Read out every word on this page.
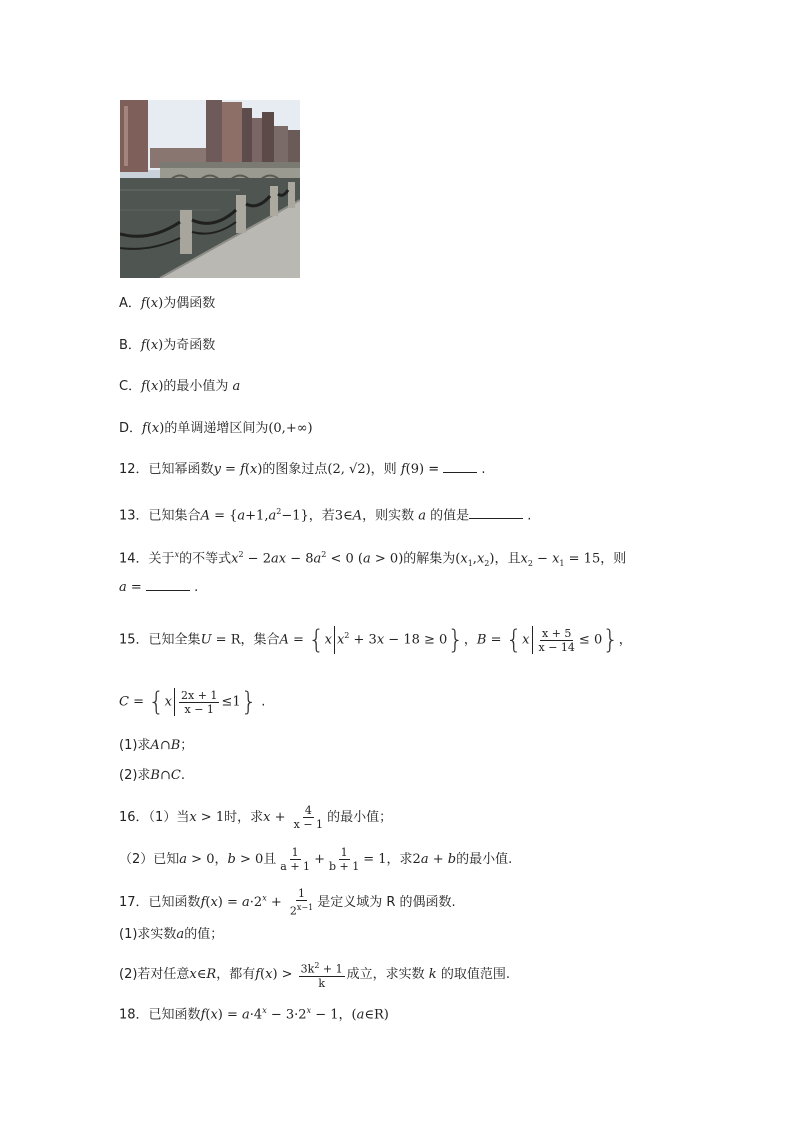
A．f(x)为偶函数
B．f(x)为奇函数
C．f(x)的最小值为 a
D．f(x)的单调递增区间为(0,+∞)
12．已知幂函数y = f(x)的图象过点(2, √2)，则 f(9) =	.
13．已知集合$A = \{a+1,a^2-1\}$，若3∈A，则实数 a 的值是	.
14．关于$^x$的不等式$x^2 - 2ax - 8a^2 < 0$ (a > 0)的解集为$(x_1,x_2)$，且$x_2 - x_1 = 15$，则
a =	.
15．已知全集U = R，集合A = {x $x^2 + 3x - 18 \ge 0$}，$B = \{x \frac{x + 5}{x - 14} \le 0\}$，
$C = \{x \frac{2x + 1}{x - 1} \le 1\}$ .
(1)求A∩B；
(2)求B∩C.
16．（1）当x > 1时，求$x + \frac{4}{x - 1}$ 的最小值；
（2）已知a > 0，b > 0且 $\frac{1}{a + 1} + \frac{1}{b + 1} = 1$，求2a + b的最小值.
17．已知函数$f(x) = a\cdot 2^x + \frac{1}{2^{x-1}}$ 是定义域为 R 的偶函数.
(1)求实数a的值；
(2)若对任意x∈R，都有$f(x) > \frac{3k^2 + 1}{k}$ 成立，求实数 k 的取值范围.
18．已知函数$f(x) = a\cdot 4^x - 3\cdot 2^x - 1$，(a∈R)
